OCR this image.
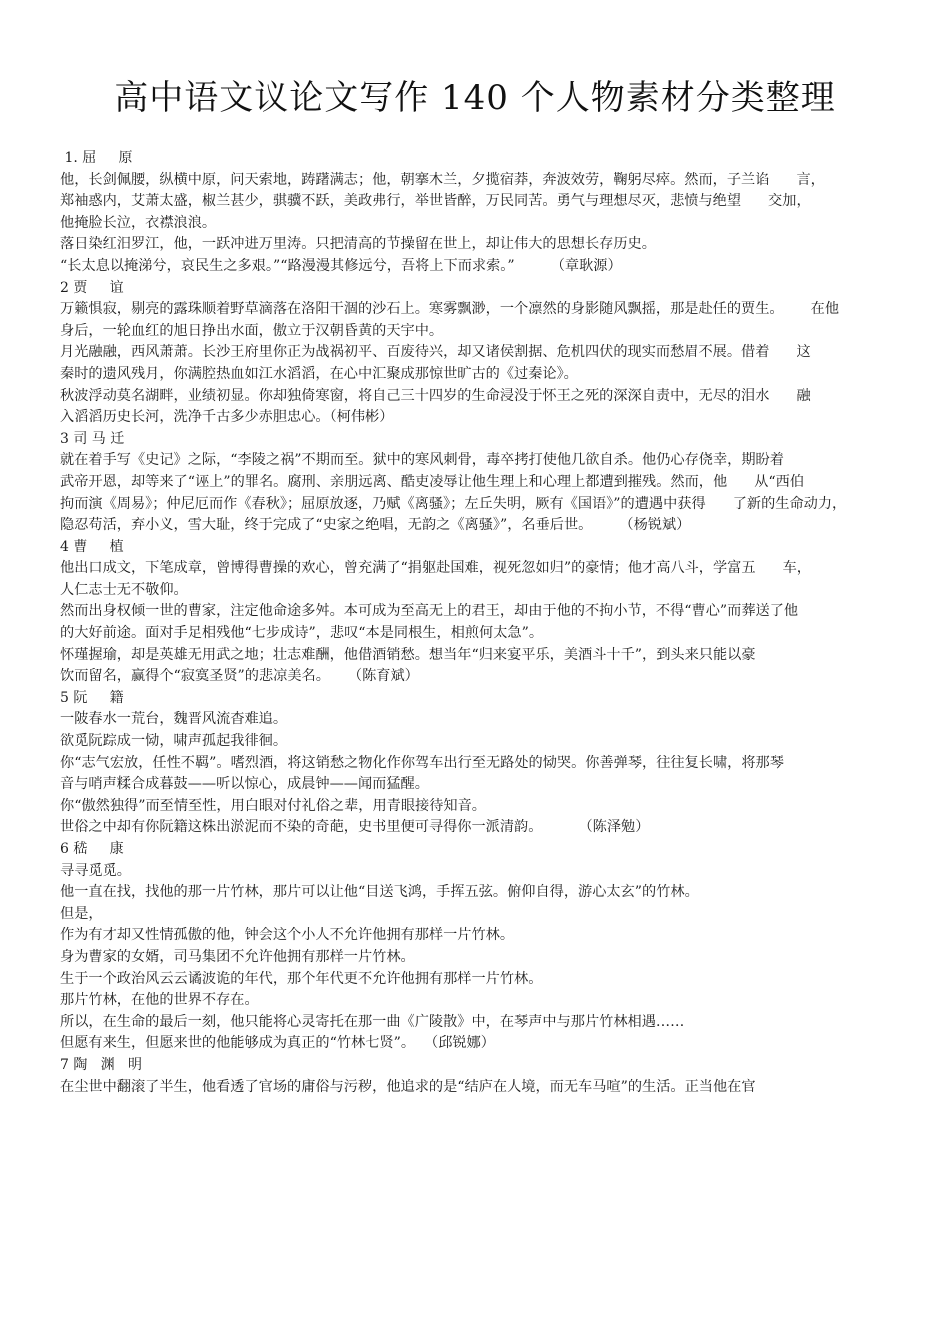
高中语文议论文写作 140 个人物素材分类整理
1. 屈     原
他，长剑佩腰，纵横中原，问天索地，踌躇满志；他，朝搴木兰，夕揽宿莽，奔波效劳，鞠躬尽瘁。然而，子兰谄      言，
郑袖惑内，艾萧太盛，椒兰甚少，骐骥不跃，美政弗行，举世皆醉，万民同苦。勇气与理想尽灭，悲愤与绝望      交加，
他掩脸长泣，衣襟浪浪。
落日染红汨罗江，他，一跃冲进万里涛。只把清高的节操留在世上，却让伟大的思想长存历史。
“长太息以掩涕兮，哀民生之多艰。”“路漫漫其修远兮，吾将上下而求索。”        （章耿源）
2 贾     谊
万籁惧寂，剔亮的露珠顺着野草滴落在洛阳干涸的沙石上。寒雾飘渺，一个凛然的身影随风飘摇，那是赴任的贾生。      在他
身后，一轮血红的旭日挣出水面，傲立于汉朝昏黄的天宇中。
月光融融，西风萧萧。长沙王府里你正为战祸初平、百废待兴，却又诸侯割据、危机四伏的现实而愁眉不展。借着      这
秦时的遗风残月，你满腔热血如江水滔滔，在心中汇聚成那惊世旷古的《过秦论》。
秋波浮动莫名湖畔，业绩初显。你却独倚寒窗，将自己三十四岁的生命浸没于怀王之死的深深自责中，无尽的泪水      融
入滔滔历史长河，洗净千古多少赤胆忠心。（柯伟彬）
3 司 马 迁
就在着手写《史记》之际，“李陵之祸”不期而至。狱中的寒风刺骨，毒卒拷打使他几欲自杀。他仍心存侥幸，期盼着
武帝开恩，却等来了“诬上”的罪名。腐刑、亲朋远离、酷吏凌辱让他生理上和心理上都遭到摧残。然而，他      从“西伯
拘而演《周易》；仲尼厄而作《春秋》；屈原放逐，乃赋《离骚》；左丘失明，厥有《国语》”的遭遇中获得      了新的生命动力，
隐忍苟活，弃小义，雪大耻，终于完成了“史家之绝唱，无韵之《离骚》”，名垂后世。      （杨锐斌）
4 曹     植
他出口成文，下笔成章，曾博得曹操的欢心，曾充满了“捐躯赴国难，视死忽如归”的豪情；他才高八斗，学富五      车，
人仁志士无不敬仰。
然而出身权倾一世的曹家，注定他命途多舛。本可成为至高无上的君王，却由于他的不拘小节，不得“曹心”而葬送了他
的大好前途。面对手足相残他“七步成诗”，悲叹“本是同根生，相煎何太急”。
怀瑾握瑜，却是英雄无用武之地；壮志难酬，他借酒销愁。想当年“归来宴平乐，美酒斗十千”，到头来只能以豪
饮而留名，赢得个“寂寞圣贤”的悲凉美名。    （陈育斌）
5 阮     籍
一陂春水一荒台，魏晋风流杳难追。
欲觅阮踪成一恸，啸声孤起我徘徊。
你“志气宏放，任性不羁”。嗜烈酒，将这销愁之物化作你驾车出行至无路处的恸哭。你善弹琴，往往复长啸，将那琴
音与哨声糅合成暮鼓——听以惊心，成晨钟——闻而猛醒。
你“傲然独得”而至情至性，用白眼对付礼俗之辈，用青眼接待知音。
世俗之中却有你阮籍这株出淤泥而不染的奇葩，史书里便可寻得你一派清韵。        （陈泽勉）
6 嵇     康
寻寻觅觅。
他一直在找，找他的那一片竹林，那片可以让他“目送飞鸿，手挥五弦。俯仰自得，游心太玄”的竹林。
但是，
作为有才却又性情孤傲的他，钟会这个小人不允许他拥有那样一片竹林。
身为曹家的女婿，司马集团不允许他拥有那样一片竹林。
生于一个政治风云云谲波诡的年代，那个年代更不允许他拥有那样一片竹林。
那片竹林，在他的世界不存在。
所以，在生命的最后一刻，他只能将心灵寄托在那一曲《广陵散》中，在琴声中与那片竹林相遇……
但愿有来生，但愿来世的他能够成为真正的“竹林七贤”。  （邱锐娜）
7 陶   渊   明
在尘世中翻滚了半生，他看透了官场的庸俗与污秽，他追求的是“结庐在人境，而无车马喧”的生活。正当他在官
